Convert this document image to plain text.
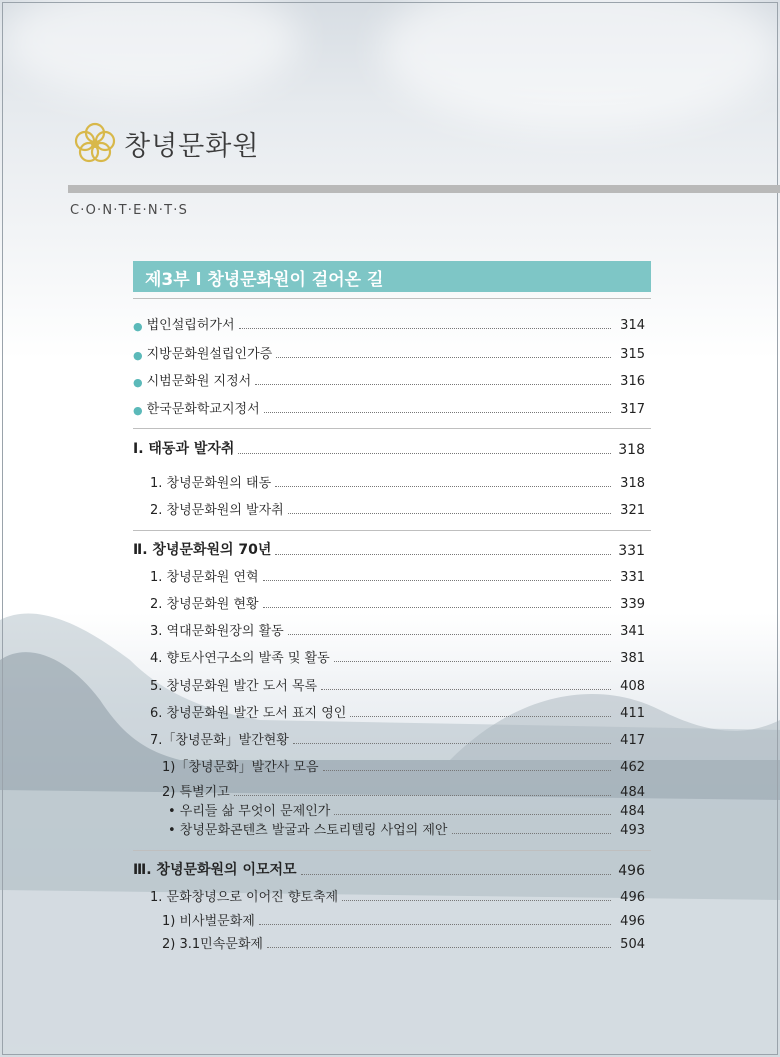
창녕문화원
C·O·N·T·E·N·T·S
제3부 l 창녕문화원이 걸어온 길
● 법인설립허가서	314
● 지방문화원설립인가증	315
● 시범문화원 지정서	316
● 한국문화학교지정서	317
Ⅰ. 태동과 발자취	318
1. 창녕문화원의 태동	318
2. 창녕문화원의 발자취	321
Ⅱ. 창녕문화원의 70년	331
1. 창녕문화원 연혁	331
2. 창녕문화원 현황	339
3. 역대문화원장의 활동	341
4. 향토사연구소의 발족 및 활동	381
5. 창녕문화원 발간 도서 목록	408
6. 창녕문화원 발간 도서 표지 영인	411
7.「창녕문화」발간현황	417
1)「창녕문화」발간사 모음	462
2) 특별기고	484
• 우리들 삶 무엇이 문제인가	484
• 창녕문화콘텐츠 발굴과 스토리텔링 사업의 제안	493
Ⅲ. 창녕문화원의 이모저모	496
1. 문화창녕으로 이어진 향토축제	496
1) 비사벌문화제	496
2) 3.1민속문화제	504
